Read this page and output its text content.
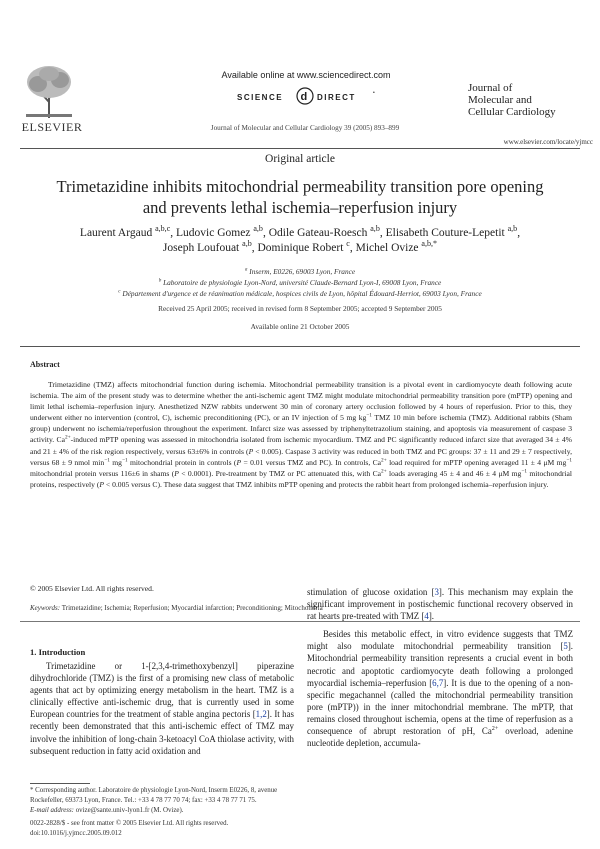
ELSEVIER
Available online at www.sciencedirect.com
SCIENCE d DIRECT	•
Journal of Molecular and Cellular Cardiology 39 (2005) 893–899
Journal of
Molecular and
Cellular Cardiology
www.elsevier.com/locate/yjmcc
Original article
Trimetazidine inhibits mitochondrial permeability transition pore opening
and prevents lethal ischemia–reperfusion injury
Laurent Argaud $^{a,b,c}$, Ludovic Gomez $^{a,b}$, Odile Gateau-Roesch $^{a,b}$, Elisabeth Couture-Lepetit $^{a,b}$,
Joseph Loufouat $^{a,b}$, Dominique Robert $^c$, Michel Ovize $^{a,b,*}$
$^a$ Inserm, E0226, 69003 Lyon, France
$^b$ Laboratoire de physiologie Lyon-Nord, université Claude-Bernard Lyon-I, 69008 Lyon, France
$^c$ Département d'urgence et de réanimation médicale, hospices civils de Lyon, hôpital Édouard-Herriot, 69003 Lyon, France
Received 25 April 2005; received in revised form 8 September 2005; accepted 9 September 2005
Available online 21 October 2005
Abstract
Trimetazidine (TMZ) affects mitochondrial function during ischemia. Mitochondrial permeability transition is a pivotal event in cardiomyocyte death following acute ischemia. The aim of the present study was to determine whether the anti-ischemic agent TMZ might modulate mitochondrial permeability transition pore (mPTP) opening and limit lethal ischemia–reperfusion injury. Anesthetized NZW rabbits underwent 30 min of coronary artery occlusion followed by 4 hours of reperfusion. Prior to this, they underwent either no intervention (control, C), ischemic preconditioning (PC), or an IV injection of 5 mg $kg^{-1}$ TMZ 10 min before ischemia (TMZ). Additional rabbits (Sham group) underwent no ischemia/reperfusion throughout the experiment. Infarct size was assessed by triphenyltetrazolium staining, and apoptosis via measurement of caspase 3 activity. $Ca^{2+}$-induced mPTP opening was assessed in mitochondria isolated from ischemic myocardium. TMZ and PC significantly reduced infarct size that averaged 34 ± 4% and 21 ± 4% of the risk region respectively, versus 63±6% in controls (P < 0.005). Caspase 3 activity was reduced in both TMZ and PC groups: 37 ± 11 and 29 ± 7 respectively, versus 68 ± 9 nmol $\min^{-1} mg^{-1}$ mitochondrial protein in controls (P = 0.01 versus TMZ and PC). In controls, $Ca^{2+}$ load required for mPTP opening averaged 11 ± 4 μM $mg^{-1}$ mitochondrial protein versus 116±6 in shams (P < 0.0001). Pre-treatment by TMZ or PC attenuated this, with $Ca^{2+}$ loads averaging 45 ± 4 and 46 ± 4 μM $mg^{-1}$ mitochondrial proteins, respectively (P < 0.005 versus C). These data suggest that TMZ inhibits mPTP opening and protects the rabbit heart from prolonged ischemia–reperfusion injury.
© 2005 Elsevier Ltd. All rights reserved.
Keywords: Trimetazidine; Ischemia; Reperfusion; Myocardial infarction; Preconditioning; Mitochondria
1. Introduction
Trimetazidine or 1-[2,3,4-trimethoxybenzyl] piperazine dihydrochloride (TMZ) is the first of a promising new class of metabolic agents that act by optimizing energy metabolism in the heart. TMZ is a clinically effective anti-ischemic drug, that is currently used in some European countries for the treatment of stable angina pectoris [1,2]. It has recently been demonstrated that this anti-ischemic effect of TMZ may involve the inhibition of long-chain 3-ketoacyl CoA thiolase activity, with subsequent reduction in fatty acid oxidation and
stimulation of glucose oxidation [3]. This mechanism may explain the significant improvement in postischemic functional recovery observed in rat hearts pre-treated with TMZ [4].
Besides this metabolic effect, in vitro evidence suggests that TMZ might also modulate mitochondrial permeability transition [5]. Mitochondrial permeability transition represents a crucial event in both necrotic and apoptotic cardiomyocyte death following a prolonged myocardial ischemia–reperfusion [6,7]. It is due to the opening of a non-specific megachannel (called the mitochondrial permeability transition pore (mPTP)) in the inner mitochondrial membrane. The mPTP, that remains closed throughout ischemia, opens at the time of reperfusion as a consequence of abrupt restoration of pH, $Ca^{2+}$ overload, adenine nucleotide depletion, accumula-
* Corresponding author. Laboratoire de physiologie Lyon-Nord, Inserm E0226, 8, avenue Rockefeller, 69373 Lyon, France. Tel.: +33 4 78 77 70 74; fax: +33 4 78 77 71 75.
E-mail address: ovize@sante.univ-lyon1.fr (M. Ovize).
0022-2828/$ - see front matter © 2005 Elsevier Ltd. All rights reserved.
doi:10.1016/j.yjmcc.2005.09.012
